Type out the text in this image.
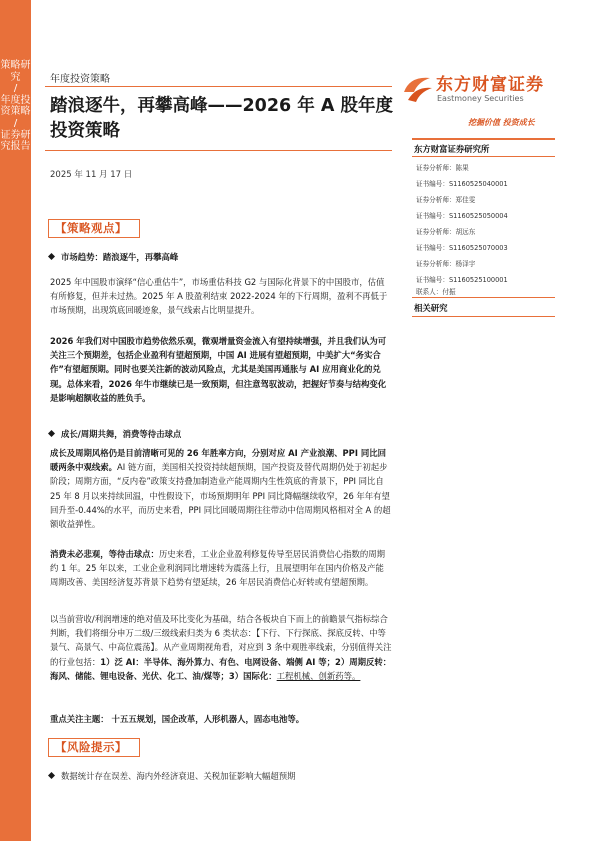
策略研究
/
年度投资策略
/
证券研究报告
年度投资策略
踏浪逐牛，再攀高峰——2026 年 A 股年度投资策略
2025 年 11 月 17 日
东方财富证券
Eastmoney Securities
挖掘价值 投资成长
东方财富证券研究所
证券分析师：陈果
证书编号：S1160525040001
证券分析师：郑佳雯
证书编号：S1160525050004
证券分析师：胡远东
证书编号：S1160525070003
证券分析师：杨泽宇
证书编号：S1160525100001
联系人：付振
相关研究
【策略观点】
市场趋势：踏浪逐牛，再攀高峰
2025 年中国股市演绎“信心重估牛”，市场重估科技 G2 与国际化背景下的中国股市，估值有所修复，但并未过热。2025 年 A 股盈利结束 2022-2024 年的下行周期，盈利不再低于市场预期，出现筑底回暖迹象，景气线索占比明显提升。
2026 年我们对中国股市趋势依然乐观，微观增量资金流入有望持续增强，并且我们认为可关注三个预期差，包括企业盈利有望超预期，中国 AI 进展有望超预期，中美扩大“务实合作”有望超预期。同时也要关注新的波动风险点，尤其是美国再通胀与 AI 应用商业化的兑现。总体来看，2026 年牛市继续已是一致预期，但注意驾驭波动，把握好节奏与结构变化是影响超额收益的胜负手。
成长/周期共舞，消费等待击球点
成长及周期风格仍是目前清晰可见的 26 年胜率方向，分别对应 AI 产业浪潮、PPI 同比回暖两条中观线索。AI 链方面，美国相关投资持续超预期，国产投资及替代周期仍处于初起步阶段；周期方面，“反内卷”政策支持叠加制造业产能周期内生性筑底的背景下，PPI 同比自 25 年 8 月以来持续回温，中性假设下，市场预期明年 PPI 同比降幅继续收窄，26 年年有望回升至-0.44%的水平，而历史来看，PPI 同比回暖周期往往带动中信周期风格相对全 A 的超额收益弹性。
消费未必悲观，等待击球点：历史来看，工业企业盈利修复传导至居民消费信心指数的周期约 1 年。25 年以来，工业企业利润同比增速转为震荡上行，且展望明年在国内价格及产能周期改善、美国经济复苏背景下趋势有望延续，26 年居民消费信心好转或有望超预期。
以当前营收/利润增速的绝对值及环比变化为基础，结合各板块自下而上的前瞻景气指标综合判断，我们将细分申万二级/三级线索归类为 6 类状态：【下行、下行探底、探底反转、中等景气、高景气、中高位震荡】。从产业周期视角看，对应到 3 条中观胜率线索，分别值得关注的行业包括：1）泛 AI：半导体、海外算力、有色、电网设备、端侧 AI 等；2）周期反转：海风、储能、锂电设备、光伏、化工、油/煤等；3）国际化：工程机械、创新药等。
重点关注主题： 十五五规划，国企改革，人形机器人，固态电池等。
【风险提示】
数据统计存在误差、海内外经济衰退、关税加征影响大幅超预期
